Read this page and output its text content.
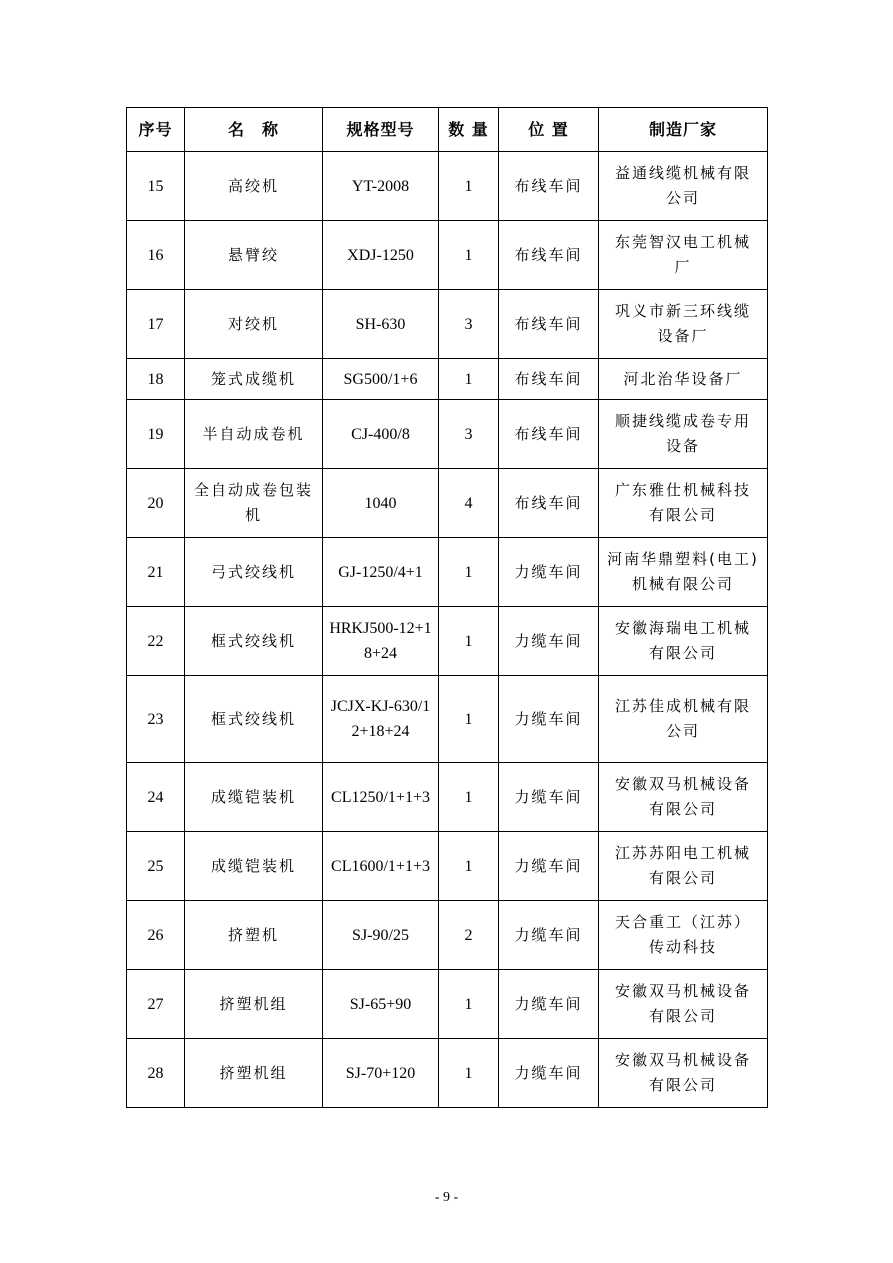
序号	名　称	规格型号	数 量	位 置	制造厂家
15	高绞机	YT-2008	1	布线车间	益通线缆机械有限公司
16	悬臂绞	XDJ-1250	1	布线车间	东莞智汉电工机械厂
17	对绞机	SH-630	3	布线车间	巩义市新三环线缆设备厂
18	笼式成缆机	SG500/1+6	1	布线车间	河北治华设备厂
19	半自动成卷机	CJ-400/8	3	布线车间	顺捷线缆成卷专用设备
20	全自动成卷包装机	1040	4	布线车间	广东雅仕机械科技有限公司
21	弓式绞线机	GJ-1250/4+1	1	力缆车间	河南华鼎塑料(电工)机械有限公司
22	框式绞线机	HRKJ500-12+18+24	1	力缆车间	安徽海瑞电工机械有限公司
23	框式绞线机	JCJX-KJ-630/12+18+24	1	力缆车间	江苏佳成机械有限公司
24	成缆铠装机	CL1250/1+1+3	1	力缆车间	安徽双马机械设备有限公司
25	成缆铠装机	CL1600/1+1+3	1	力缆车间	江苏苏阳电工机械有限公司
26	挤塑机	SJ-90/25	2	力缆车间	天合重工（江苏）传动科技
27	挤塑机组	SJ-65+90	1	力缆车间	安徽双马机械设备有限公司
28	挤塑机组	SJ-70+120	1	力缆车间	安徽双马机械设备有限公司
- 9 -
